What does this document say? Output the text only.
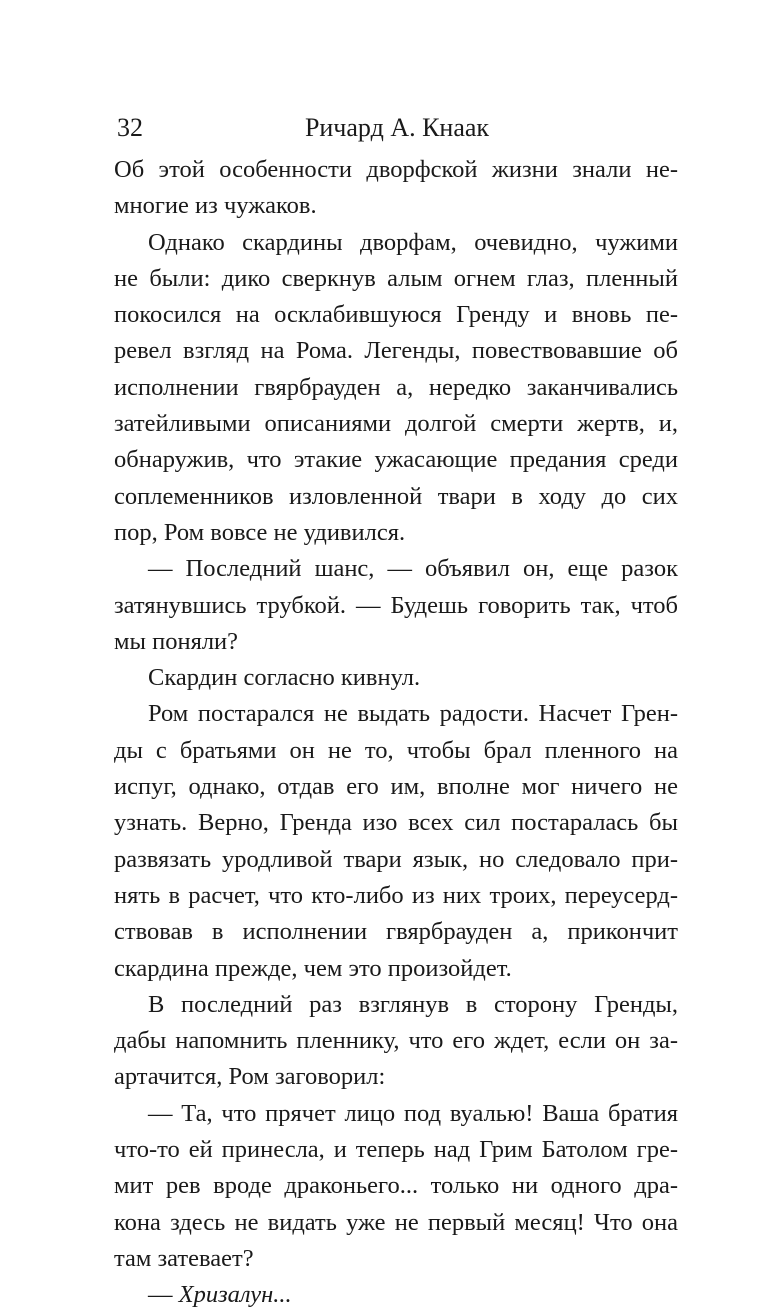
32	Ричард А. Кнаак
Об этой особенности дворфской жизни знали не-
многие из чужаков.
Однако скардины дворфам, очевидно, чужими
не были: дико сверкнув алым огнем глаз, пленный
покосился на осклабившуюся Гренду и вновь пе-
ревел взгляд на Рома. Легенды, повествовавшие об
исполнении гвярбрауден а, нередко заканчивались
затейливыми описаниями долгой смерти жертв, и,
обнаружив, что этакие ужасающие предания среди
соплеменников изловленной твари в ходу до сих
пор, Ром вовсе не удивился.
— Последний шанс, — объявил он, еще разок
затянувшись трубкой. — Будешь говорить так, чтоб
мы поняли?
Скардин согласно кивнул.
Ром постарался не выдать радости. Насчет Грен-
ды с братьями он не то, чтобы брал пленного на
испуг, однако, отдав его им, вполне мог ничего не
узнать. Верно, Гренда изо всех сил постаралась бы
развязать уродливой твари язык, но следовало при-
нять в расчет, что кто-либо из них троих, переусерд-
ствовав в исполнении гвярбрауден а, прикончит
скардина прежде, чем это произойдет.
В последний раз взглянув в сторону Гренды,
дабы напомнить пленнику, что его ждет, если он за-
артачится, Ром заговорил:
— Та, что прячет лицо под вуалью! Ваша братия
что-то ей принесла, и теперь над Грим Батолом гре-
мит рев вроде драконьего... только ни одного дра-
кона здесь не видать уже не первый месяц! Что она
там затевает?
— Хризалун...
